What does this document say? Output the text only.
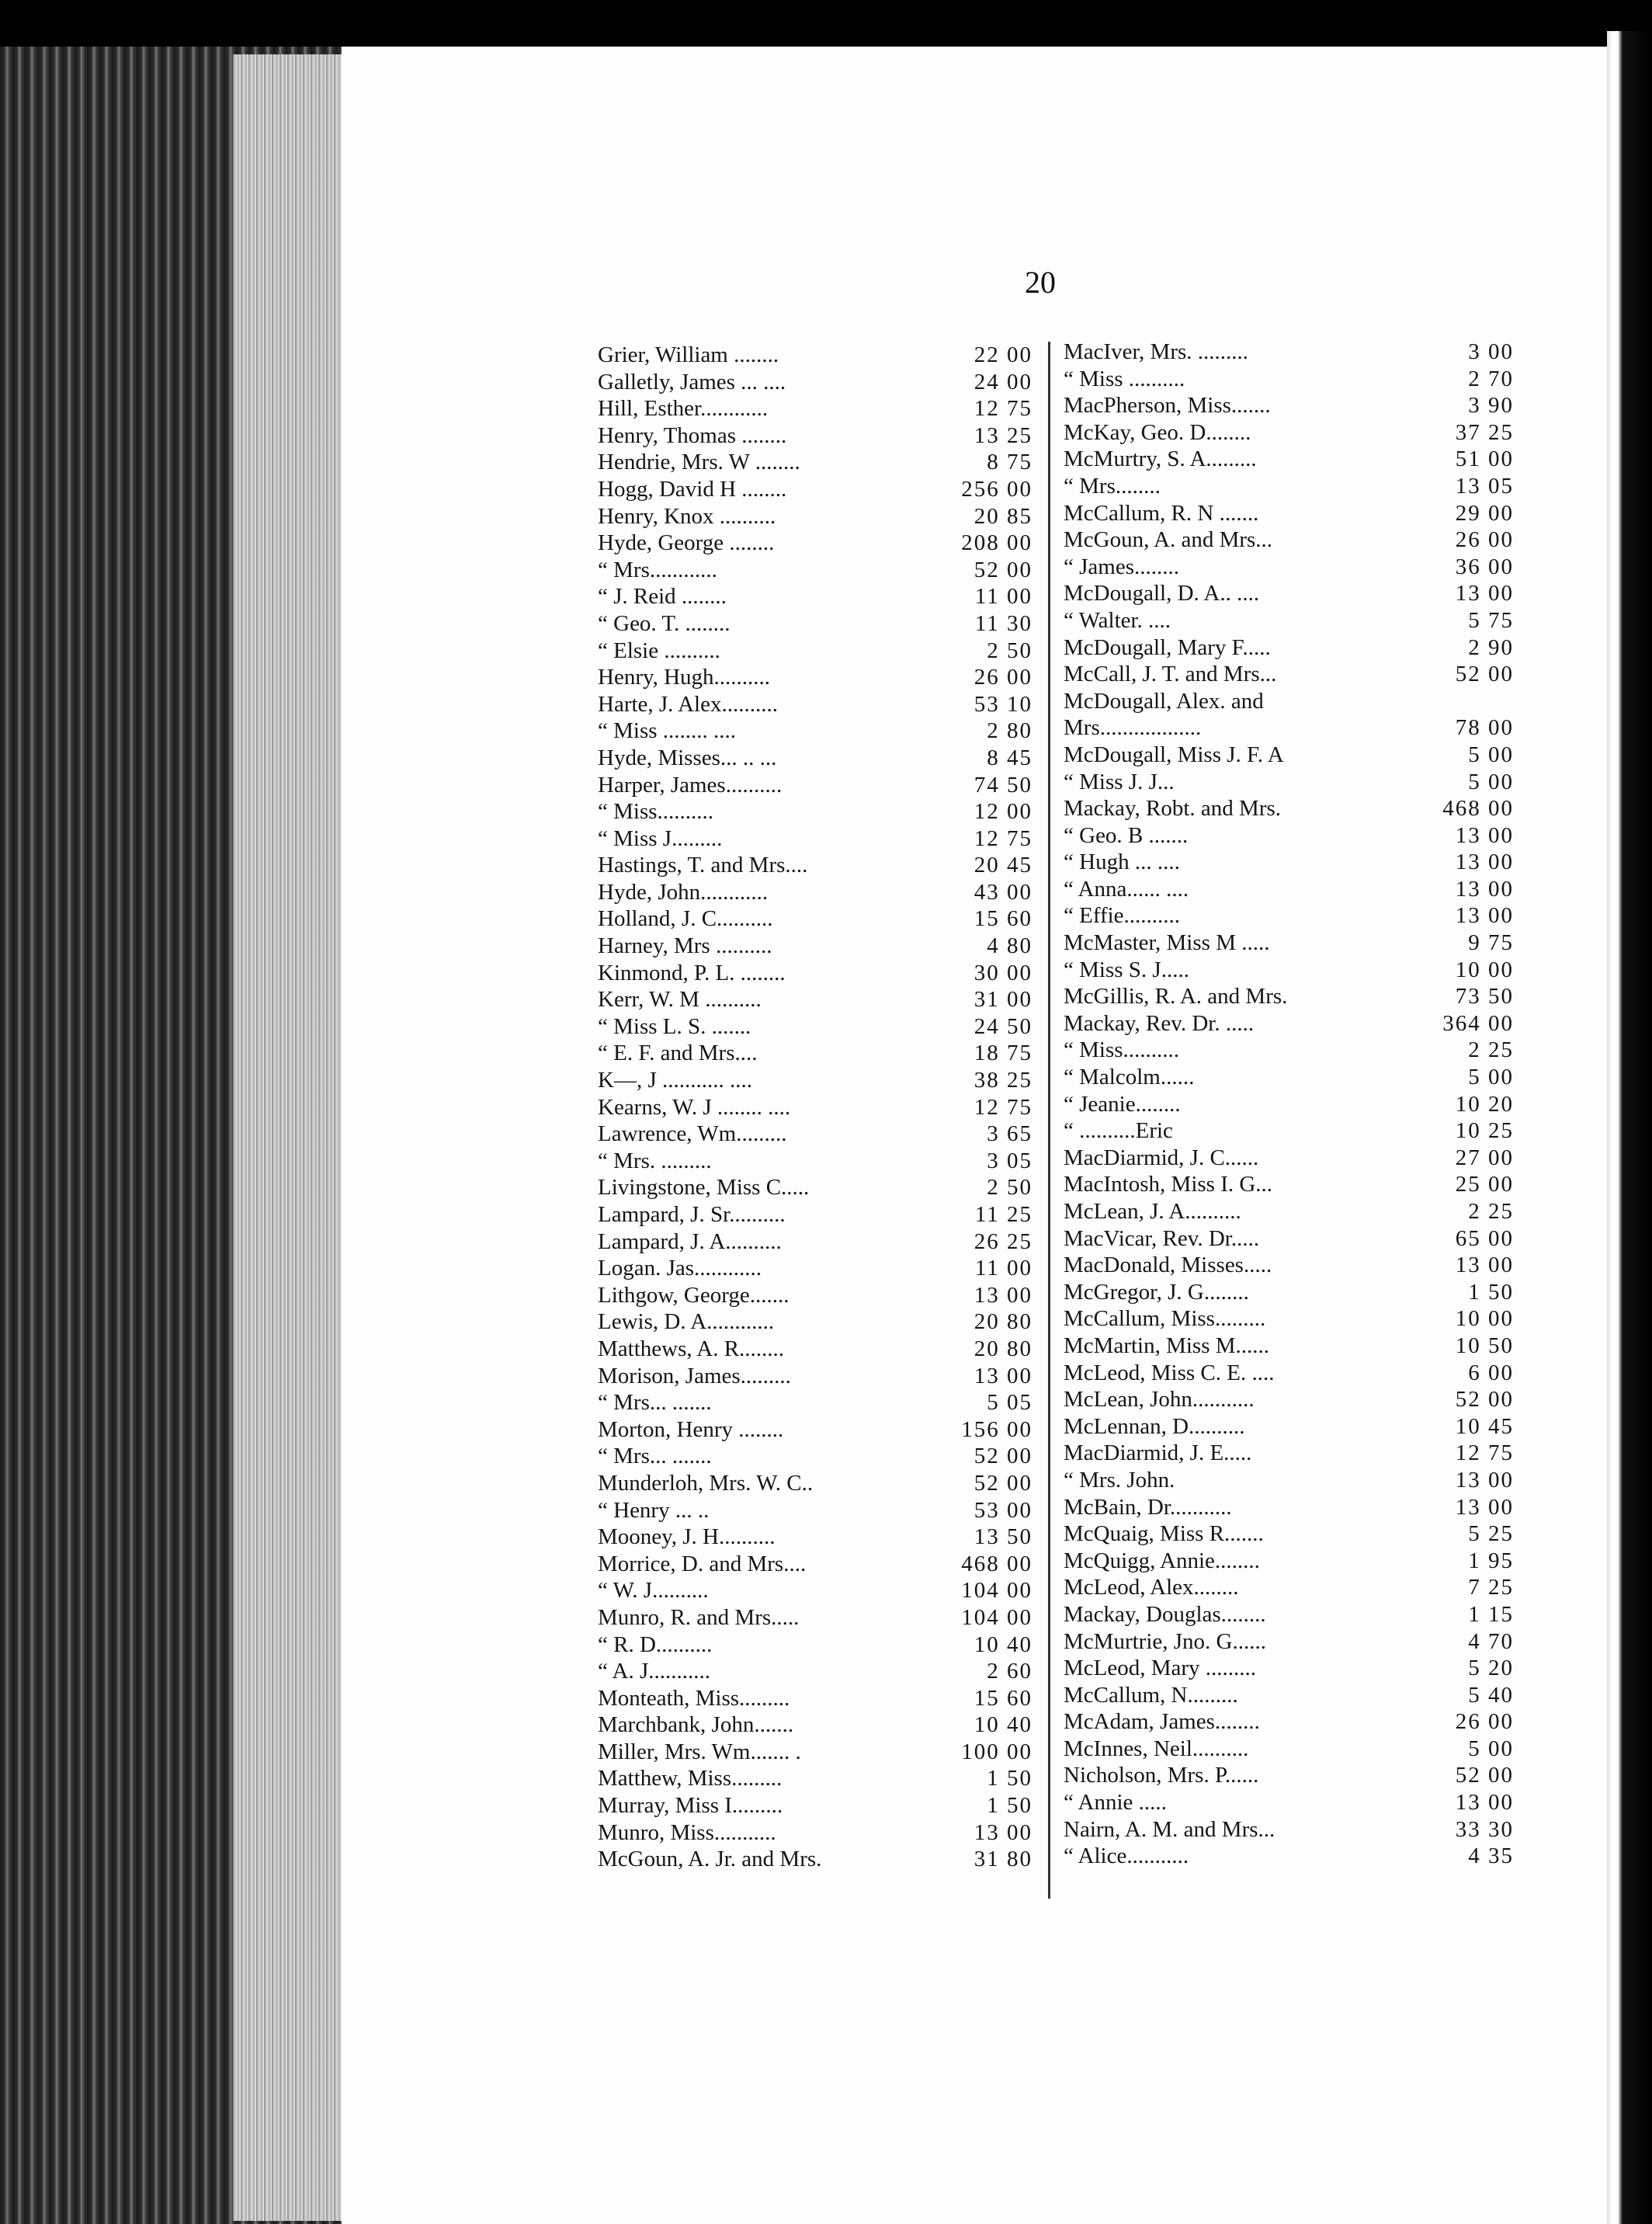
20
Grier, William ........	22 00
Galletly, James ... ....	24 00
Hill, Esther............	12 75
Henry, Thomas ........	13 25
Hendrie, Mrs. W ........	8 75
Hogg, David H ........	256 00
Henry, Knox ..........	20 85
Hyde, George ........	208 00
“ Mrs............	52 00
“ J. Reid ........	11 00
“ Geo. T. ........	11 30
“ Elsie ..........	2 50
Henry, Hugh..........	26 00
Harte, J. Alex..........	53 10
“ Miss ........ ....	2 80
Hyde, Misses... .. ...	8 45
Harper, James..........	74 50
“ Miss..........	12 00
“ Miss J.........	12 75
Hastings, T. and Mrs....	20 45
Hyde, John............	43 00
Holland, J. C..........	15 60
Harney, Mrs ..........	4 80
Kinmond, P. L. ........	30 00
Kerr, W. M ..........	31 00
“ Miss L. S. .......	24 50
“ E. F. and Mrs....	18 75
K—, J ........... ....	38 25
Kearns, W. J ........ ....	12 75
Lawrence, Wm.........	3 65
“ Mrs. .........	3 05
Livingstone, Miss C.....	2 50
Lampard, J. Sr..........	11 25
Lampard, J. A..........	26 25
Logan. Jas............	11 00
Lithgow, George.......	13 00
Lewis, D. A............	20 80
Matthews, A. R........	20 80
Morison, James.........	13 00
“ Mrs... .......	5 05
Morton, Henry ........	156 00
“ Mrs... .......	52 00
Munderloh, Mrs. W. C..	52 00
“ Henry ... ..	53 00
Mooney, J. H..........	13 50
Morrice, D. and Mrs....	468 00
“ W. J..........	104 00
Munro, R. and Mrs.....	104 00
“ R. D..........	10 40
“ A. J...........	2 60
Monteath, Miss.........	15 60
Marchbank, John.......	10 40
Miller, Mrs. Wm....... .	100 00
Matthew, Miss.........	1 50
Murray, Miss I.........	1 50
Munro, Miss...........	13 00
McGoun, A. Jr. and Mrs.	31 80
MacIver, Mrs. .........	3 00
“ Miss ..........	2 70
MacPherson, Miss.......	3 90
McKay, Geo. D........	37 25
McMurtry, S. A.........	51 00
“ Mrs........	13 05
McCallum, R. N .......	29 00
McGoun, A. and Mrs...	26 00
“ James........	36 00
McDougall, D. A.. ....	13 00
“ Walter. ....	5 75
McDougall, Mary F.....	2 90
McCall, J. T. and Mrs...	52 00
McDougall, Alex. and
Mrs..................	78 00
McDougall, Miss J. F. A	5 00
“ Miss J. J...	5 00
Mackay, Robt. and Mrs.	468 00
“ Geo. B .......	13 00
“ Hugh ... ....	13 00
“ Anna...... ....	13 00
“ Effie..........	13 00
McMaster, Miss M .....	9 75
“ Miss S. J.....	10 00
McGillis, R. A. and Mrs.	73 50
Mackay, Rev. Dr. .....	364 00
“ Miss..........	2 25
“ Malcolm......	5 00
“ Jeanie........	10 20
“ ..........Eric	10 25
MacDiarmid, J. C......	27 00
MacIntosh, Miss I. G...	25 00
McLean, J. A..........	2 25
MacVicar, Rev. Dr.....	65 00
MacDonald, Misses.....	13 00
McGregor, J. G........	1 50
McCallum, Miss.........	10 00
McMartin, Miss M......	10 50
McLeod, Miss C. E. ....	6 00
McLean, John...........	52 00
McLennan, D..........	10 45
MacDiarmid, J. E.....	12 75
“ Mrs. John.	13 00
McBain, Dr...........	13 00
McQuaig, Miss R.......	5 25
McQuigg, Annie........	1 95
McLeod, Alex........	7 25
Mackay, Douglas........	1 15
McMurtrie, Jno. G......	4 70
McLeod, Mary .........	5 20
McCallum, N.........	5 40
McAdam, James........	26 00
McInnes, Neil..........	5 00
Nicholson, Mrs. P......	52 00
“ Annie .....	13 00
Nairn, A. M. and Mrs...	33 30
“ Alice...........	4 35
